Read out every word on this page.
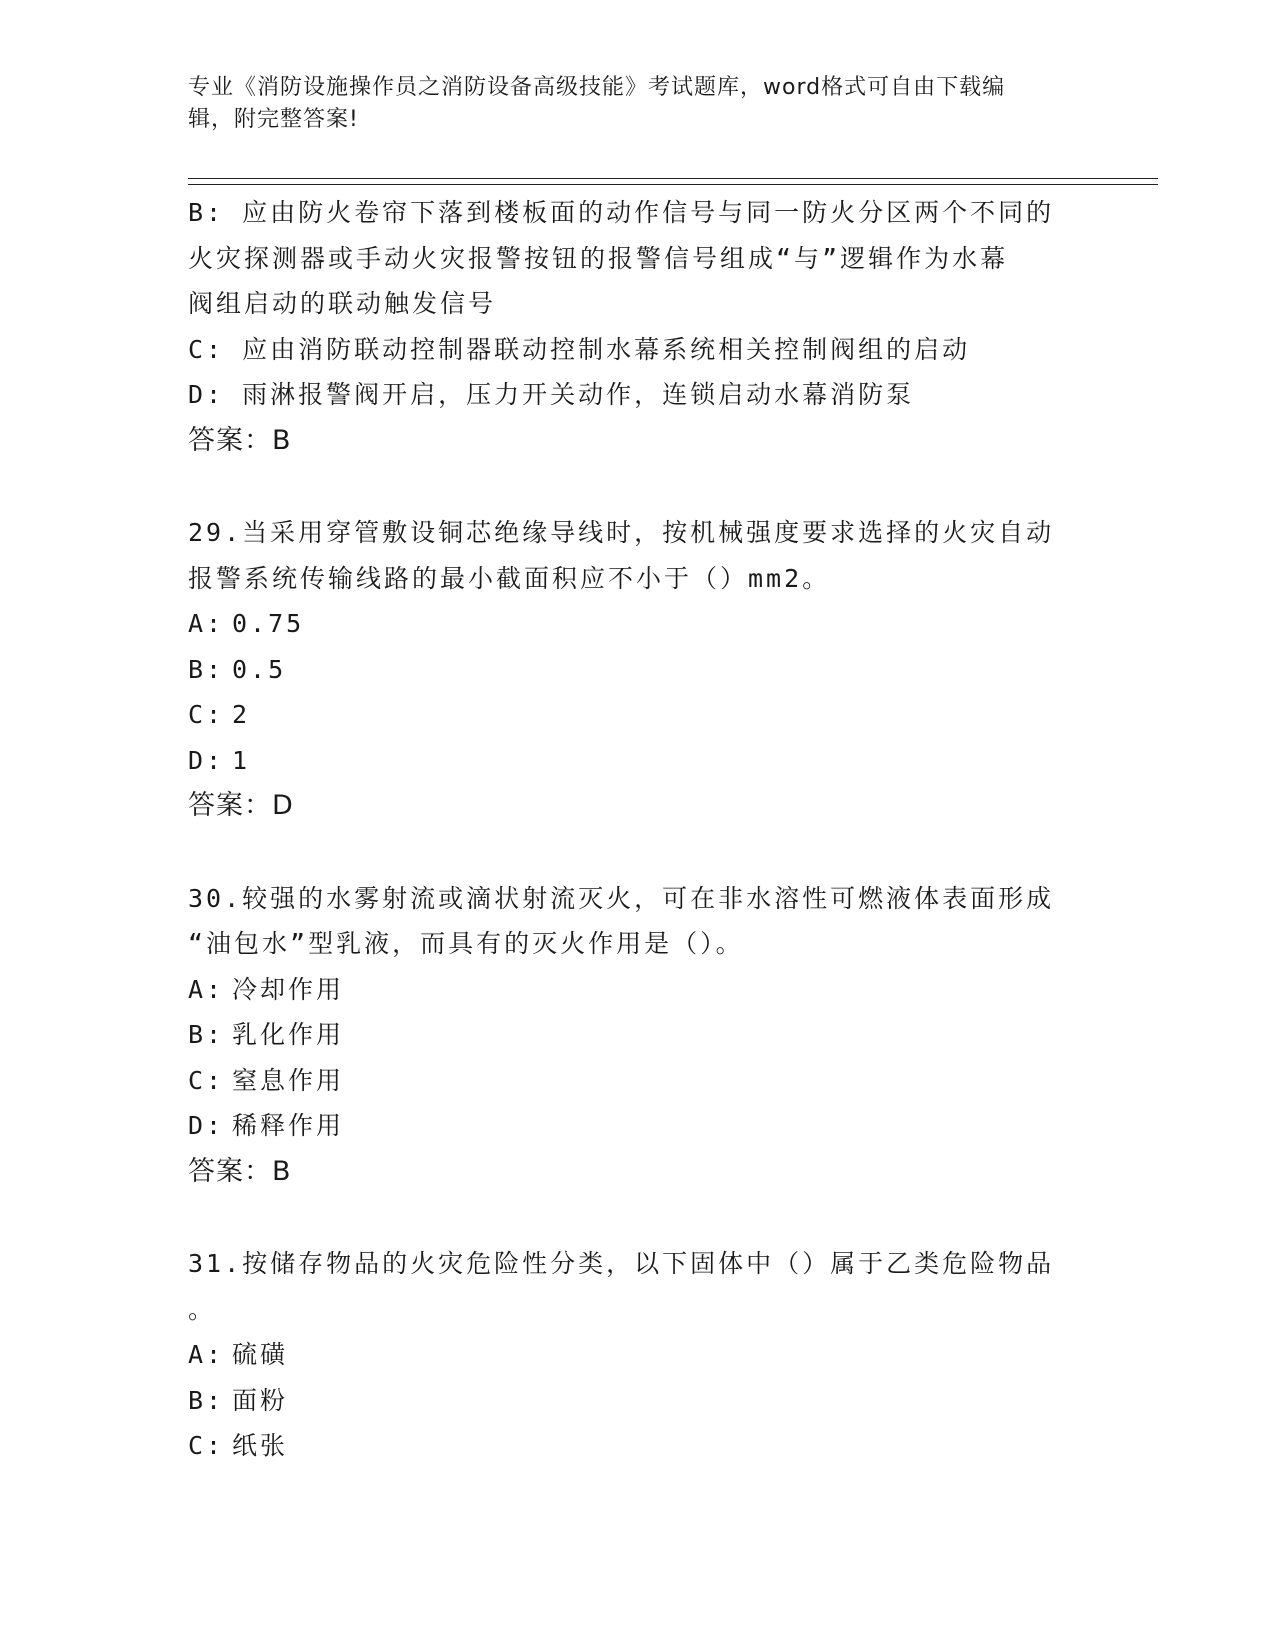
专业《消防设施操作员之消防设备高级技能》考试题库，word格式可自由下载编
辑，附完整答案!
B: 应由防火卷帘下落到楼板面的动作信号与同一防火分区两个不同的
火灾探测器或手动火灾报警按钮的报警信号组成“与”逻辑作为水幕
阀组启动的联动触发信号
C: 应由消防联动控制器联动控制水幕系统相关控制阀组的启动
D: 雨淋报警阀开启，压力开关动作，连锁启动水幕消防泵
答案：B
29.当采用穿管敷设铜芯绝缘导线时，按机械强度要求选择的火灾自动
报警系统传输线路的最小截面积应不小于（）mm2。
A: 0.75
B: 0.5
C: 2
D: 1
答案：D
30.较强的水雾射流或滴状射流灭火，可在非水溶性可燃液体表面形成
“油包水”型乳液，而具有的灭火作用是（）。
A: 冷却作用
B: 乳化作用
C: 窒息作用
D: 稀释作用
答案：B
31.按储存物品的火灾危险性分类，以下固体中（）属于乙类危险物品
。
A: 硫磺
B: 面粉
C: 纸张
